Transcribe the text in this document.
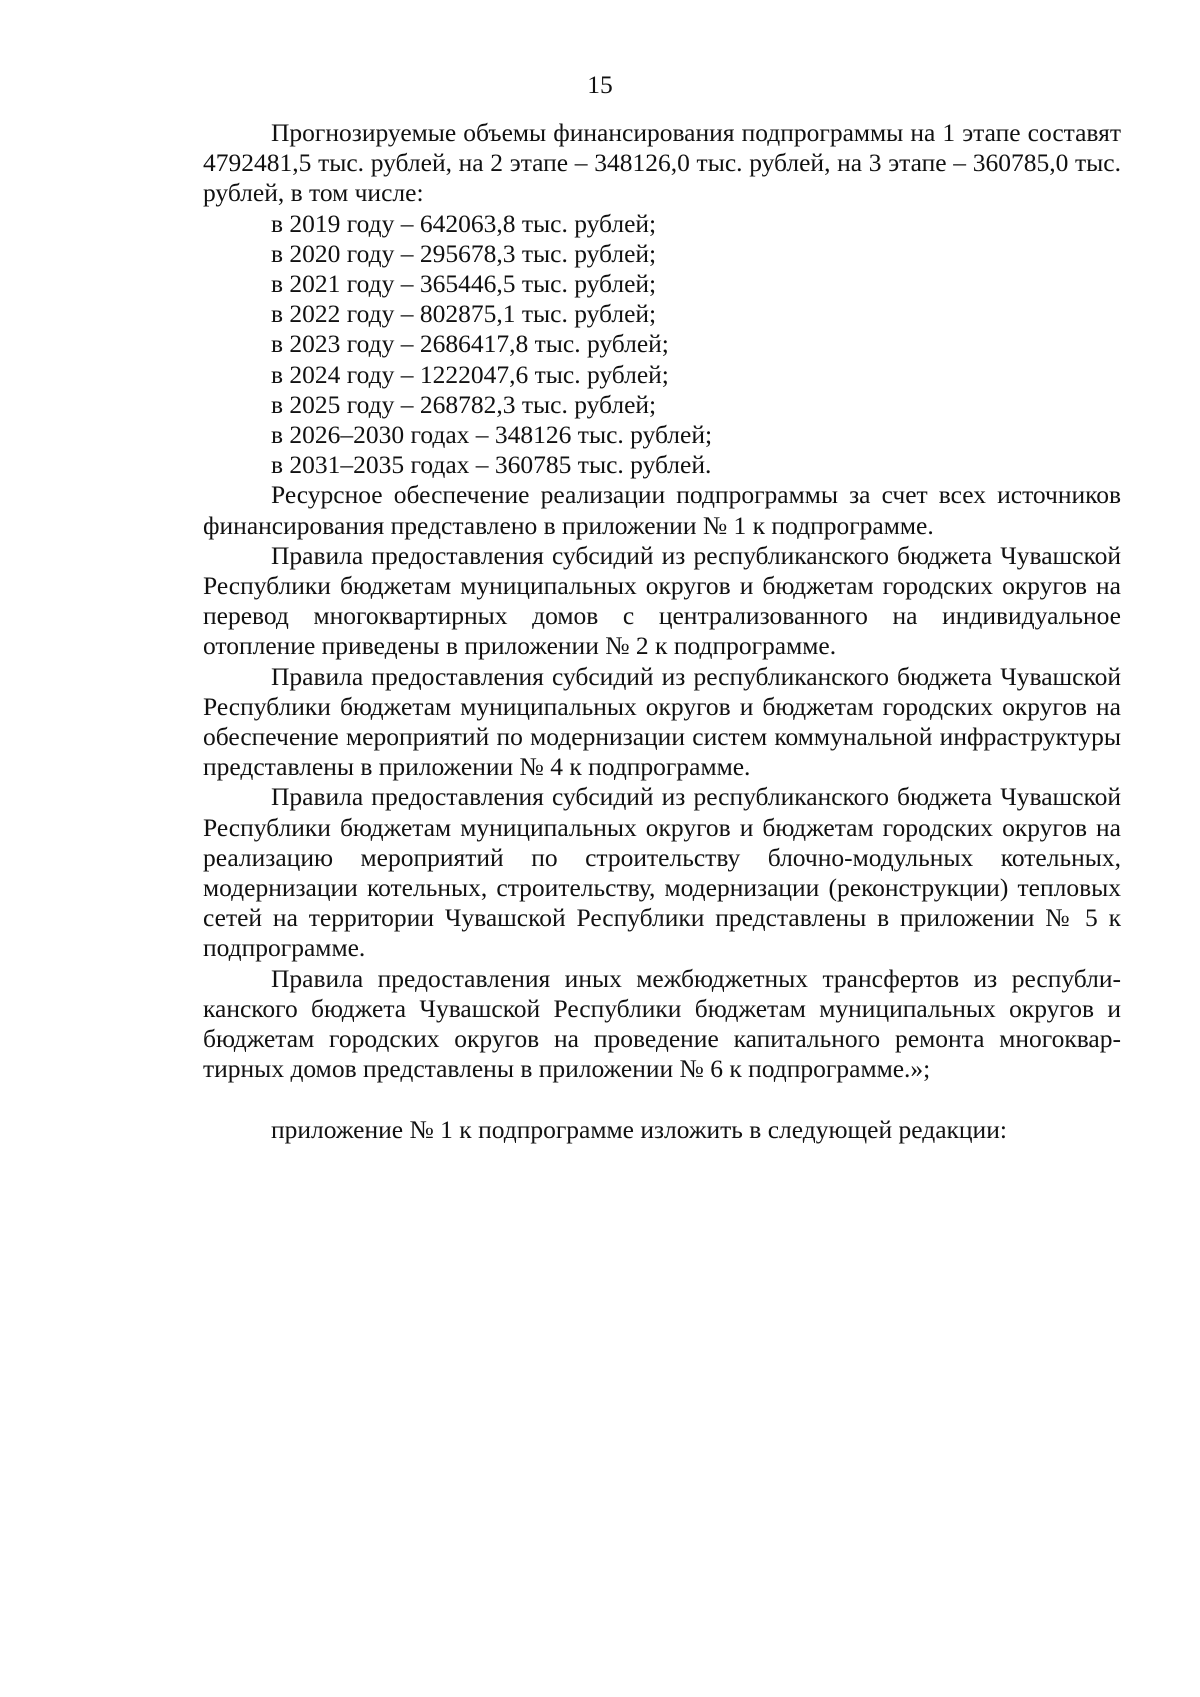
15

Прогнозируемые объемы финансирования подпрограммы на 1 этапе составят 4792481,5 тыс. рублей, на 2 этапе – 348126,0 тыс. рублей, на 3 этапе – 360785,0 тыс. рублей, в том числе:

в 2019 году – 642063,8 тыс. рублей;
в 2020 году – 295678,3 тыс. рублей;
в 2021 году – 365446,5 тыс. рублей;
в 2022 году – 802875,1 тыс. рублей;
в 2023 году – 2686417,8 тыс. рублей;
в 2024 году – 1222047,6 тыс. рублей;
в 2025 году – 268782,3 тыс. рублей;
в 2026–2030 годах – 348126 тыс. рублей;
в 2031–2035 годах – 360785 тыс. рублей.

Ресурсное обеспечение реализации подпрограммы за счет всех источников финансирования представлено в приложении № 1 к подпрограмме.

Правила предоставления субсидий из республиканского бюджета Чувашской Республики бюджетам муниципальных округов и бюджетам городских округов на перевод многоквартирных домов с централизованного на индивидуальное отопление приведены в приложении № 2 к подпрограмме.

Правила предоставления субсидий из республиканского бюджета Чувашской Республики бюджетам муниципальных округов и бюджетам городских округов на обеспечение мероприятий по модернизации систем коммунальной инфраструктуры представлены в приложении № 4 к подпрограмме.

Правила предоставления субсидий из республиканского бюджета Чувашской Республики бюджетам муниципальных округов и бюджетам городских округов на реализацию мероприятий по строительству блочно-модульных котельных, модернизации котельных, строительству, модернизации (реконструкции) тепловых сетей на территории Чувашской Республики представлены в приложении № 5 к подпрограмме.

Правила предоставления иных межбюджетных трансфертов из республиканского бюджета Чувашской Республики бюджетам муниципальных округов и бюджетам городских округов на проведение капитального ремонта многоквартирных домов представлены в приложении № 6 к подпрограмме.»;

приложение № 1 к подпрограмме изложить в следующей редакции:
